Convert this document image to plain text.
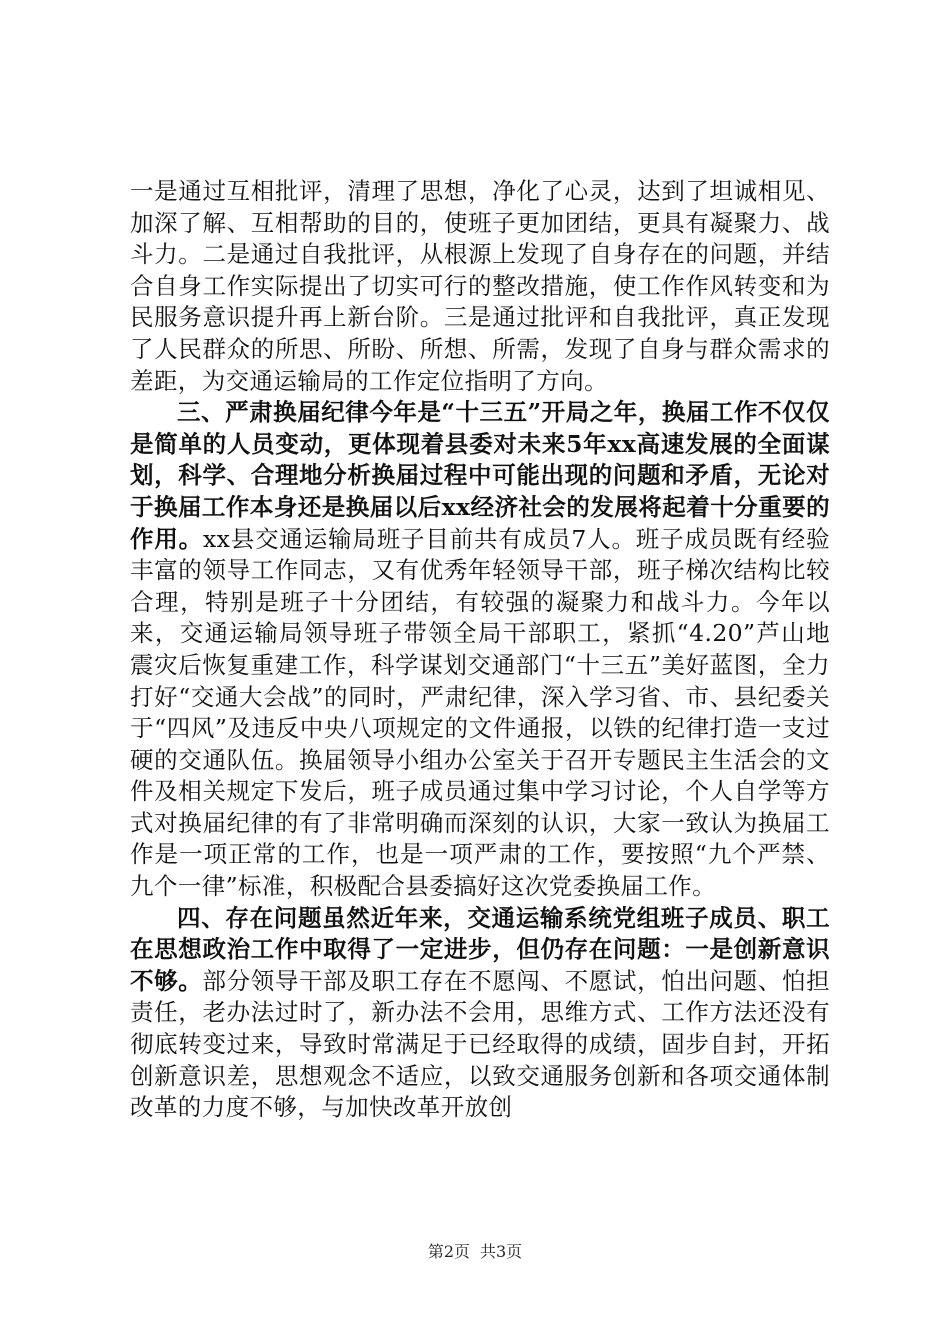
一是通过互相批评，清理了思想，净化了心灵，达到了坦诚相见、加深了解、互相帮助的目的，使班子更加团结，更具有凝聚力、战斗力。二是通过自我批评，从根源上发现了自身存在的问题，并结合自身工作实际提出了切实可行的整改措施，使工作作风转变和为民服务意识提升再上新台阶。三是通过批评和自我批评，真正发现了人民群众的所思、所盼、所想、所需，发现了自身与群众需求的差距，为交通运输局的工作定位指明了方向。

三、严肃换届纪律今年是“十三五”开局之年，换届工作不仅仅是简单的人员变动，更体现着县委对未来5年xx高速发展的全面谋划，科学、合理地分析换届过程中可能出现的问题和矛盾，无论对于换届工作本身还是换届以后xx经济社会的发展将起着十分重要的作用。xx县交通运输局班子目前共有成员7人。班子成员既有经验丰富的领导工作同志，又有优秀年轻领导干部，班子梯次结构比较合理，特别是班子十分团结，有较强的凝聚力和战斗力。今年以来，交通运输局领导班子带领全局干部职工，紧抓“4.20”芦山地震灾后恢复重建工作，科学谋划交通部门“十三五”美好蓝图，全力打好“交通大会战”的同时，严肃纪律，深入学习省、市、县纪委关于“四风”及违反中央八项规定的文件通报，以铁的纪律打造一支过硬的交通队伍。换届领导小组办公室关于召开专题民主生活会的文件及相关规定下发后，班子成员通过集中学习讨论，个人自学等方式对换届纪律的有了非常明确而深刻的认识，大家一致认为换届工作是一项正常的工作，也是一项严肃的工作，要按照“九个严禁、九个一律”标准，积极配合县委搞好这次党委换届工作。

四、存在问题虽然近年来，交通运输系统党组班子成员、职工在思想政治工作中取得了一定进步，但仍存在问题：一是创新意识不够。部分领导干部及职工存在不愿闯、不愿试，怕出问题、怕担责任，老办法过时了，新办法不会用，思维方式、工作方法还没有彻底转变过来，导致时常满足于已经取得的成绩，固步自封，开拓创新意识差，思想观念不适应，以致交通服务创新和各项交通体制改革的力度不够，与加快改革开放创

第2页 共3页
